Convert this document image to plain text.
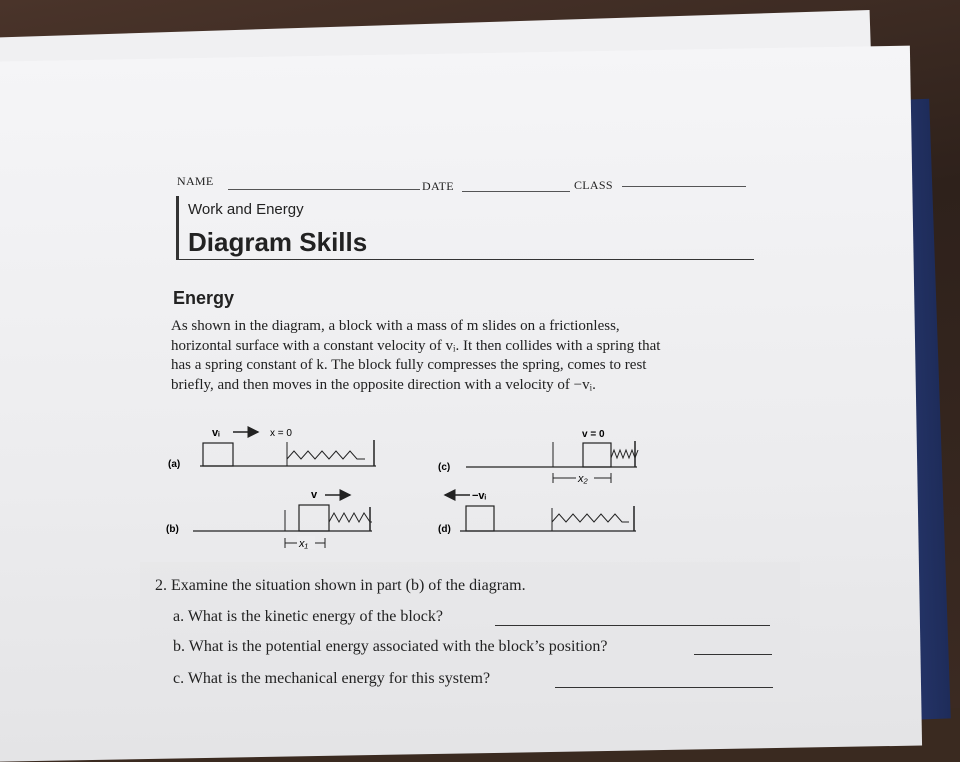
NAME	DATE	CLASS
Work and Energy
Diagram Skills
Energy
As shown in the diagram, a block with a mass of m slides on a frictionless,
horizontal surface with a constant velocity of vᵢ. It then collides with a spring that
has a spring constant of k. The block fully compresses the spring, comes to rest
briefly, and then moves in the opposite direction with a velocity of −vᵢ.
(a)
vᵢ	x = 0
(b)
v
x₁
(c)
v = 0
x₂
(d)
−vᵢ
2. Examine the situation shown in part (b) of the diagram.
a. What is the kinetic energy of the block?
b. What is the potential energy associated with the block’s position?
c. What is the mechanical energy for this system?
